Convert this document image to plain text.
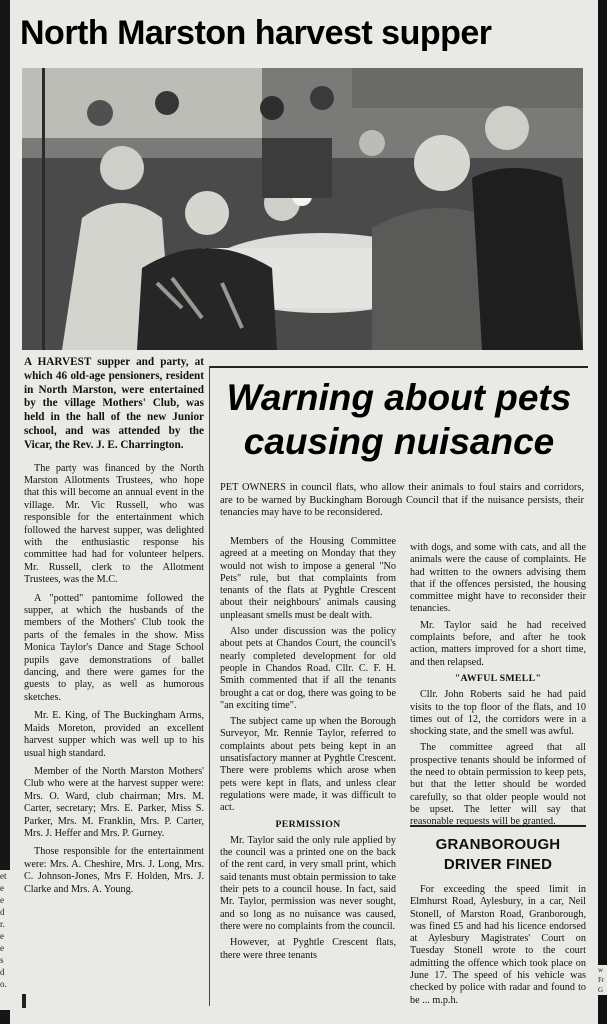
et
e
e
d
r.
e
e
s
d
o.
w
Fr
G
North Marston harvest supper

A HARVEST supper and party, at which 46 old-age pensioners, resident in North Marston, were entertained by the village Mothers' Club, was held in the hall of the new Junior school, and was attended by the Vicar, the Rev. J. E. Charrington.

The party was financed by the North Marston Allotments Trustees, who hope that this will become an annual event in the village. Mr. Vic Russell, who was responsible for the entertainment which followed the harvest supper, was delighted with the enthusiastic response his committee had had for volunteer helpers. Mr. Russell, clerk to the Allotment Trustees, was the M.C.

A "potted" pantomime followed the supper, at which the husbands of the members of the Mothers' Club took the parts of the females in the show. Miss Monica Taylor's Dance and Stage School pupils gave demonstrations of ballet dancing, and there were games for the guests to play, as well as humorous sketches.

Mr. E. King, of The Buckingham Arms, Maids Moreton, provided an excellent harvest supper which was well up to his usual high standard.

Member of the North Marston Mothers' Club who were at the harvest supper were: Mrs. O. Ward, club chairman; Mrs. M. Carter, secretary; Mrs. E. Parker, Miss S. Parker, Mrs. M. Franklin, Mrs. P. Carter, Mrs. J. Heffer and Mrs. P. Gurney.

Those responsible for the entertainment were: Mrs. A. Cheshire, Mrs. J. Long, Mrs. C. Johnson-Jones, Mrs F. Holden, Mrs. J. Clarke and Mrs. A. Young.

Warning about pets
causing nuisance
PET OWNERS in council flats, who allow their animals to foul stairs and corridors, are to be warned by Buckingham Borough Council that if the nuisance persists, their tenancies may have to be reconsidered.

Members of the Housing Committee agreed at a meeting on Monday that they would not wish to impose a general "No Pets" rule, but that complaints from tenants of the flats at Pyghtle Crescent about their neighbours' animals causing unpleasant smells must be dealt with.

Also under discussion was the policy about pets at Chandos Court, the council's nearly completed development for old people in Chandos Road. Cllr. C. F. H. Smith commented that if all the tenants brought a cat or dog, there was going to be "an exciting time".

The subject came up when the Borough Surveyor, Mr. Rennie Taylor, referred to complaints about pets being kept in an unsatisfactory manner at Pyghtle Crescent. There were problems which arose when pets were kept in flats, and unless clear regulations were made, it was difficult to act.

PERMISSION

Mr. Taylor said the only rule applied by the council was a printed one on the back of the rent card, in very small print, which said tenants must obtain permission to take their pets to a council house. In fact, said Mr. Taylor, permission was never sought, and so long as no nuisance was caused, there were no complaints from the council.

However, at Pyghtle Crescent flats, there were three tenants

with dogs, and some with cats, and all the animals were the cause of complaints. He had written to the owners advising them that if the offences persisted, the housing committee might have to reconsider their tenancies.

Mr. Taylor said he had received complaints before, and after he took action, matters improved for a short time, and then relapsed.

"AWFUL SMELL"

Cllr. John Roberts said he had paid visits to the top floor of the flats, and 10 times out of 12, the corridors were in a shocking state, and the smell was awful.

The committee agreed that all prospective tenants should be informed of the need to obtain permission to keep pets, but that the letter should be worded carefully, so that older people would not be upset. The letter will say that reasonable requests will be granted.

GRANBOROUGH
DRIVER FINED

For exceeding the speed limit in Elmhurst Road, Aylesbury, in a car, Neil Stonell, of Marston Road, Granborough, was fined £5 and had his licence endorsed at Aylesbury Magistrates' Court on Tuesday Stonell wrote to the court admitting the offence which took place on June 17. The speed of his vehicle was checked by police with radar and found to be ... m.p.h.
